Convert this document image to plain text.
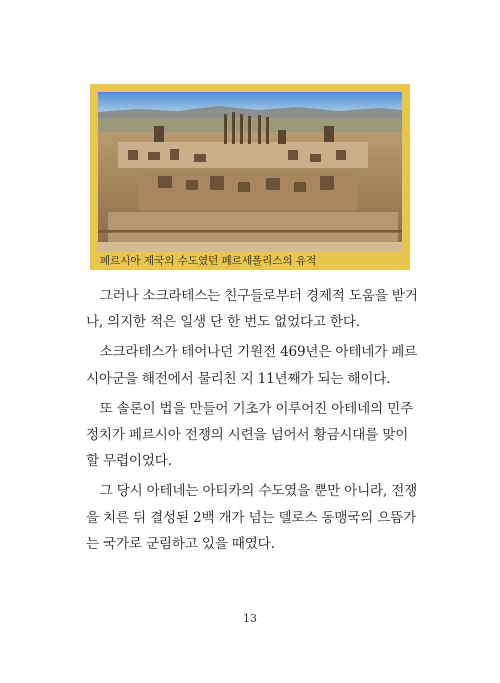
페르시아 제국의 수도였던 페르세폴리스의 유적

그러나 소크라테스는 친구들로부터 경제적 도움을 받거
나, 의지한 적은 일생 단 한 번도 없었다고 한다.

소크라테스가 테어나던 기원전 469년은 아테네가 페르
시아군을 해전에서 물리친 지 11년째가 되는 해이다.

또 솔론이 법을 만들어 기초가 이루어진 아테네의 민주
정치가 페르시아 전쟁의 시련을 넘어서 황금시대를 맞이
할 무렵이었다.

그 당시 아테네는 아티카의 수도였을 뿐만 아니라, 전쟁
을 치른 뒤 결성된 2백 개가 넘는 델로스 동맹국의 으뜸가
는 국가로 군림하고 있을 때였다.

13
